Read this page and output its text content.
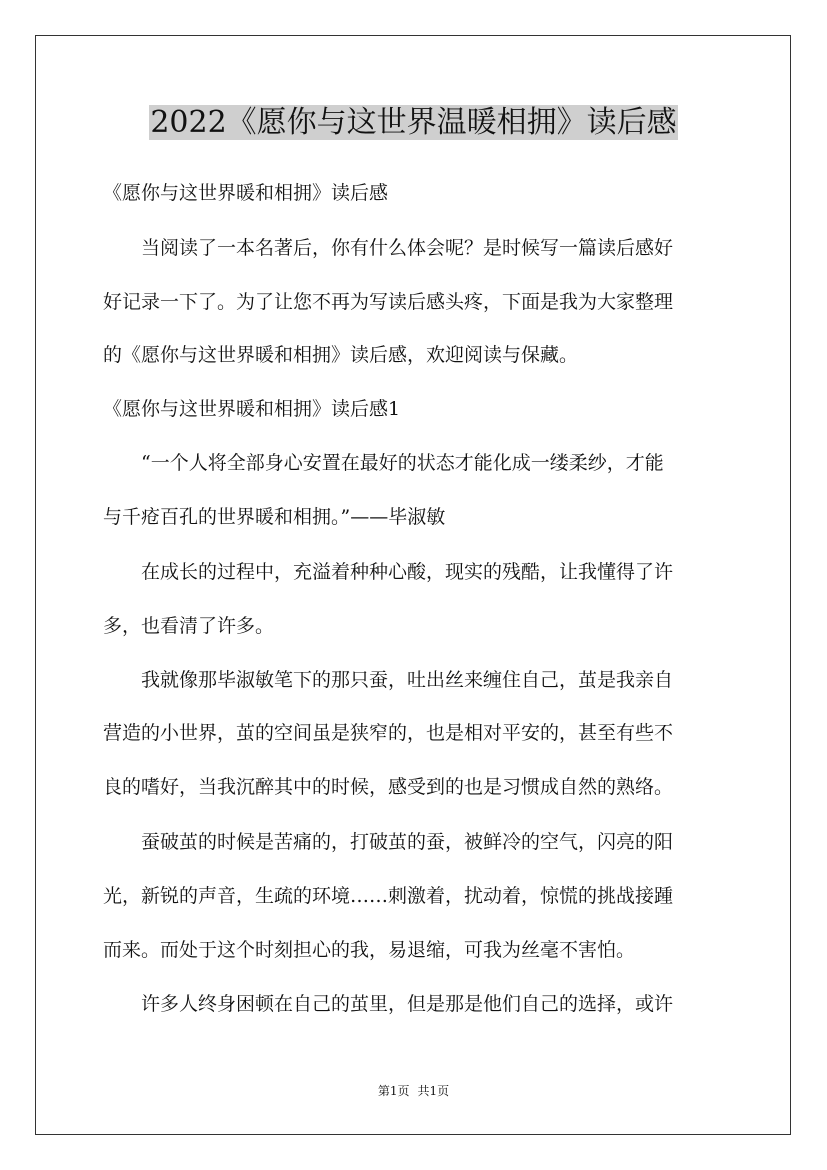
2022《愿你与这世界温暖相拥》读后感

《愿你与这世界暖和相拥》读后感

　　当阅读了一本名著后，你有什么体会呢？是时候写一篇读后感好

好记录一下了。为了让您不再为写读后感头疼，下面是我为大家整理

的《愿你与这世界暖和相拥》读后感，欢迎阅读与保藏。

《愿你与这世界暖和相拥》读后感1

　　“一个人将全部身心安置在最好的状态才能化成一缕柔纱，才能

与千疮百孔的世界暖和相拥。”——毕淑敏

　　在成长的过程中，充溢着种种心酸，现实的残酷，让我懂得了许

多，也看清了许多。

　　我就像那毕淑敏笔下的那只蚕，吐出丝来缠住自己，茧是我亲自

营造的小世界，茧的空间虽是狭窄的，也是相对平安的，甚至有些不

良的嗜好，当我沉醉其中的时候，感受到的也是习惯成自然的熟络。

　　蚕破茧的时候是苦痛的，打破茧的蚕，被鲜冷的空气，闪亮的阳

光，新锐的声音，生疏的环境……刺激着，扰动着，惊慌的挑战接踵

而来。而处于这个时刻担心的我，易退缩，可我为丝毫不害怕。

　　许多人终身困顿在自己的茧里，但是那是他们自己的选择，或许

第1页 共1页
